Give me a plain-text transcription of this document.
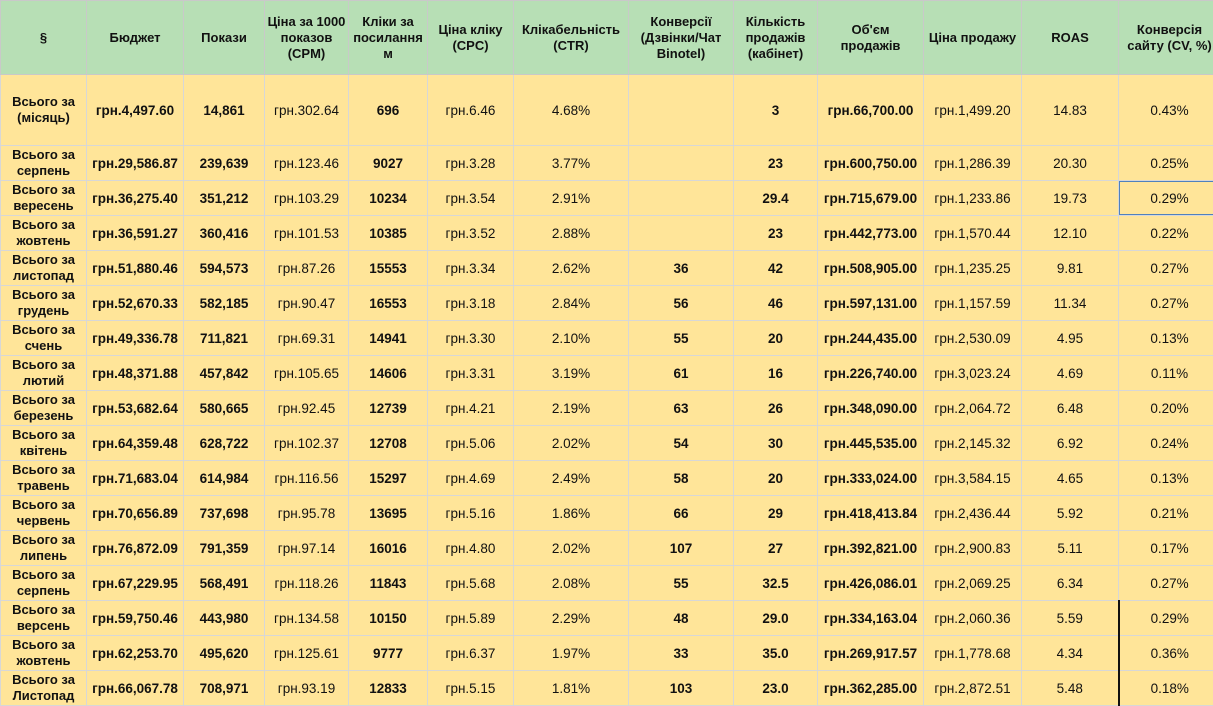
§	Бюджет	Покази	Ціна за 1000 показов (CPM)	Кліки за посилання м	Ціна кліку (CPC)	Клікабельність (CTR)	Конверсії (Дзвінки/Чат Binotel)	Кількість продажів (кабінет)	Об'єм продажів	Ціна продажу	ROAS	Конверсія сайту (CV, %)
Всього за (місяць)	грн.4,497.60	14,861	грн.302.64	696	грн.6.46	4.68%		3	грн.66,700.00	грн.1,499.20	14.83	0.43%
Всього за серпень	грн.29,586.87	239,639	грн.123.46	9027	грн.3.28	3.77%		23	грн.600,750.00	грн.1,286.39	20.30	0.25%
Всього за вересень	грн.36,275.40	351,212	грн.103.29	10234	грн.3.54	2.91%		29.4	грн.715,679.00	грн.1,233.86	19.73	0.29%
Всього за жовтень	грн.36,591.27	360,416	грн.101.53	10385	грн.3.52	2.88%		23	грн.442,773.00	грн.1,570.44	12.10	0.22%
Всього за листопад	грн.51,880.46	594,573	грн.87.26	15553	грн.3.34	2.62%	36	42	грн.508,905.00	грн.1,235.25	9.81	0.27%
Всього за грудень	грн.52,670.33	582,185	грн.90.47	16553	грн.3.18	2.84%	56	46	грн.597,131.00	грн.1,157.59	11.34	0.27%
Всього за счень	грн.49,336.78	711,821	грн.69.31	14941	грн.3.30	2.10%	55	20	грн.244,435.00	грн.2,530.09	4.95	0.13%
Всього за лютий	грн.48,371.88	457,842	грн.105.65	14606	грн.3.31	3.19%	61	16	грн.226,740.00	грн.3,023.24	4.69	0.11%
Всього за березень	грн.53,682.64	580,665	грн.92.45	12739	грн.4.21	2.19%	63	26	грн.348,090.00	грн.2,064.72	6.48	0.20%
Всього за квітень	грн.64,359.48	628,722	грн.102.37	12708	грн.5.06	2.02%	54	30	грн.445,535.00	грн.2,145.32	6.92	0.24%
Всього за травень	грн.71,683.04	614,984	грн.116.56	15297	грн.4.69	2.49%	58	20	грн.333,024.00	грн.3,584.15	4.65	0.13%
Всього за червень	грн.70,656.89	737,698	грн.95.78	13695	грн.5.16	1.86%	66	29	грн.418,413.84	грн.2,436.44	5.92	0.21%
Всього за липень	грн.76,872.09	791,359	грн.97.14	16016	грн.4.80	2.02%	107	27	грн.392,821.00	грн.2,900.83	5.11	0.17%
Всього за серпень	грн.67,229.95	568,491	грн.118.26	11843	грн.5.68	2.08%	55	32.5	грн.426,086.01	грн.2,069.25	6.34	0.27%
Всього за версень	грн.59,750.46	443,980	грн.134.58	10150	грн.5.89	2.29%	48	29.0	грн.334,163.04	грн.2,060.36	5.59	0.29%
Всього за жовтень	грн.62,253.70	495,620	грн.125.61	9777	грн.6.37	1.97%	33	35.0	грн.269,917.57	грн.1,778.68	4.34	0.36%
Всього за Листопад	грн.66,067.78	708,971	грн.93.19	12833	грн.5.15	1.81%	103	23.0	грн.362,285.00	грн.2,872.51	5.48	0.18%
